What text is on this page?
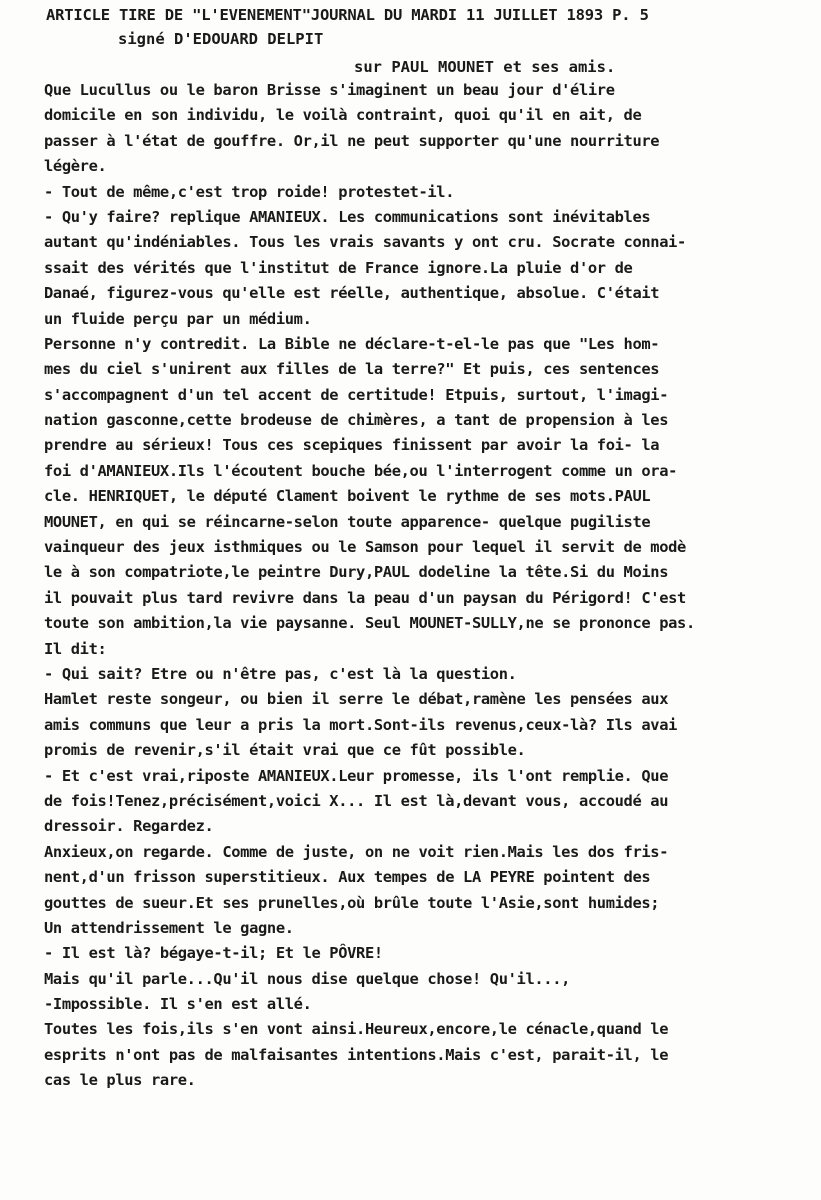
ARTICLE TIRE DE "L'EVENEMENT"JOURNAL DU MARDI 11 JUILLET 1893 P. 5
signé D'EDOUARD DELPIT
sur PAUL MOUNET et ses amis.
Que Lucullus ou le baron Brisse s'imaginent un beau jour d'élire
domicile en son individu, le voilà contraint, quoi qu'il en ait, de
passer à l'état de gouffre. Or,il ne peut supporter qu'une nourriture
légère.
- Tout de même,c'est trop roide! protestet-il.
- Qu'y faire? replique AMANIEUX. Les communications sont inévitables
autant qu'indéniables. Tous les vrais savants y ont cru. Socrate connai-
ssait des vérités que l'institut de France ignore.La pluie d'or de
Danaé, figurez-vous qu'elle est réelle, authentique, absolue. C'était
un fluide perçu par un médium.
Personne n'y contredit. La Bible ne déclare-t-el-le pas que "Les hom-
mes du ciel s'unirent aux filles de la terre?" Et puis, ces sentences
s'accompagnent d'un tel accent de certitude! Etpuis, surtout, l'imagi-
nation gasconne,cette brodeuse de chimères, a tant de propension à les
prendre au sérieux! Tous ces scepiques finissent par avoir la foi- la
foi d'AMANIEUX.Ils l'écoutent bouche bée,ou l'interrogent comme un ora-
cle. HENRIQUET, le député Clament boivent le rythme de ses mots.PAUL
MOUNET, en qui se réincarne-selon toute apparence- quelque pugiliste
vainqueur des jeux isthmiques ou le Samson pour lequel il servit de modè
le à son compatriote,le peintre Dury,PAUL dodeline la tête.Si du Moins
il pouvait plus tard revivre dans la peau d'un paysan du Périgord! C'est
toute son ambition,la vie paysanne. Seul MOUNET-SULLY,ne se prononce pas.
Il dit:
- Qui sait? Etre ou n'être pas, c'est là la question.
Hamlet reste songeur, ou bien il serre le débat,ramène les pensées aux
amis communs que leur a pris la mort.Sont-ils revenus,ceux-là? Ils avai
promis de revenir,s'il était vrai que ce fût possible.
- Et c'est vrai,riposte AMANIEUX.Leur promesse, ils l'ont remplie. Que
de fois!Tenez,précisément,voici X... Il est là,devant vous, accoudé au
dressoir. Regardez.
Anxieux,on regarde. Comme de juste, on ne voit rien.Mais les dos fris-
nent,d'un frisson superstitieux. Aux tempes de LA PEYRE pointent des
gouttes de sueur.Et ses prunelles,où brûle toute l'Asie,sont humides;
Un attendrissement le gagne.
- Il est là? bégaye-t-il; Et le PÔVRE!
Mais qu'il parle...Qu'il nous dise quelque chose! Qu'il...,
-Impossible. Il s'en est allé.
Toutes les fois,ils s'en vont ainsi.Heureux,encore,le cénacle,quand le
esprits n'ont pas de malfaisantes intentions.Mais c'est, parait-il, le
cas le plus rare.
